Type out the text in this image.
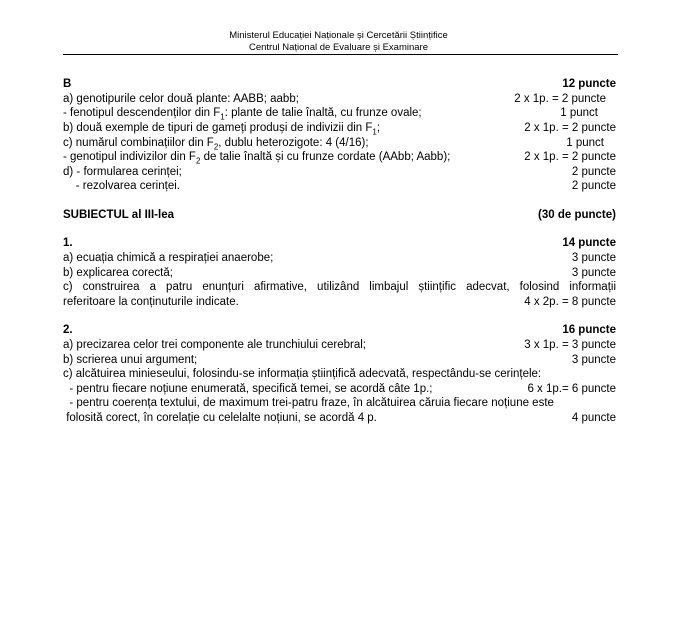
Ministerul Educației Naționale și Cercetării Științifice
Centrul Național de Evaluare și Examinare
B	12 puncte
a) genotipurile celor două plante: AABB; aabb;	2 x 1p. = 2 puncte
- fenotipul descendenților din $F_1$: plante de talie înaltă, cu frunze ovale;	1 punct
b) două exemple de tipuri de gameți produși de indivizii din $F_1$;	2 x 1p. = 2 puncte
c) numărul combinațiilor din $F_2$, dublu heterozigote: 4 (4/16);	1 punct
- genotipul indivizilor din $F_2$ de talie înaltă și cu frunze cordate (AAbb; Aabb);	2 x 1p. = 2 puncte
d) - formularea cerinței;	2 puncte
- rezolvarea cerinței.	2 puncte
SUBIECTUL al III-lea	(30 de puncte)
1.	14 puncte
a) ecuația chimică a respirației anaerobe;	3 puncte
b) explicarea corectă;	3 puncte
c) construirea a patru enunțuri afirmative, utilizând limbajul științific adecvat, folosind informații
referitoare la conținuturile indicate.	4 x 2p. = 8 puncte
2.	16 puncte
a) precizarea celor trei componente ale trunchiului cerebral;	3 x 1p. = 3 puncte
b) scrierea unui argument;	3 puncte
c) alcătuirea minieseului, folosindu-se informația științifică adecvată, respectându-se cerințele:
- pentru fiecare noțiune enumerată, specifică temei, se acordă câte 1p.;	6 x 1p.= 6 puncte
- pentru coerența textului, de maximum trei-patru fraze, în alcătuirea căruia fiecare noțiune este
folosită corect, în corelație cu celelalte noțiuni, se acordă 4 p.	4 puncte
